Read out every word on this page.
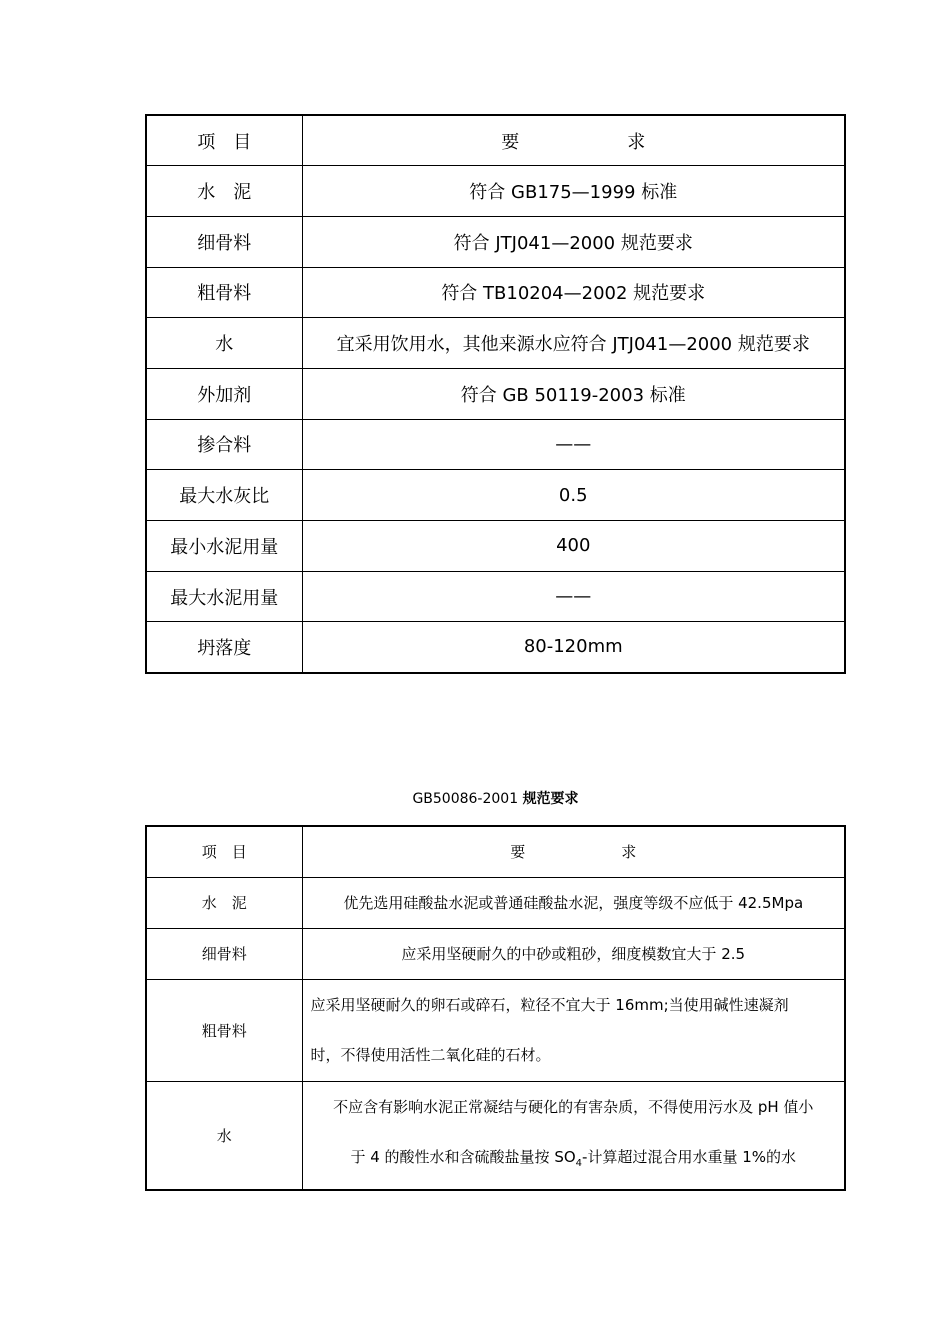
项　目	要 求
水　泥	符合 GB175—1999 标准
细骨料	符合 JTJ041—2000 规范要求
粗骨料	符合 TB10204—2002 规范要求
水	宜采用饮用水，其他来源水应符合 JTJ041—2000 规范要求
外加剂	符合 GB 50119-2003 标准
掺合料	——
最大水灰比	0.5
最小水泥用量	400
最大水泥用量	——
坍落度	80-120mm
GB50086-2001 规范要求
项　目	要 求
水　泥	优先选用硅酸盐水泥或普通硅酸盐水泥，强度等级不应低于 42.5Mpa
细骨料	应采用坚硬耐久的中砂或粗砂，细度模数宜大于 2.5
粗骨料	应采用坚硬耐久的卵石或碎石，粒径不宜大于 16mm;当使用碱性速凝剂
时，不得使用活性二氧化硅的石材。
水	不应含有影响水泥正常凝结与硬化的有害杂质，不得使用污水及 pH 值小
于 4 的酸性水和含硫酸盐量按 $SO_4-$计算超过混合用水重量 1%的水
